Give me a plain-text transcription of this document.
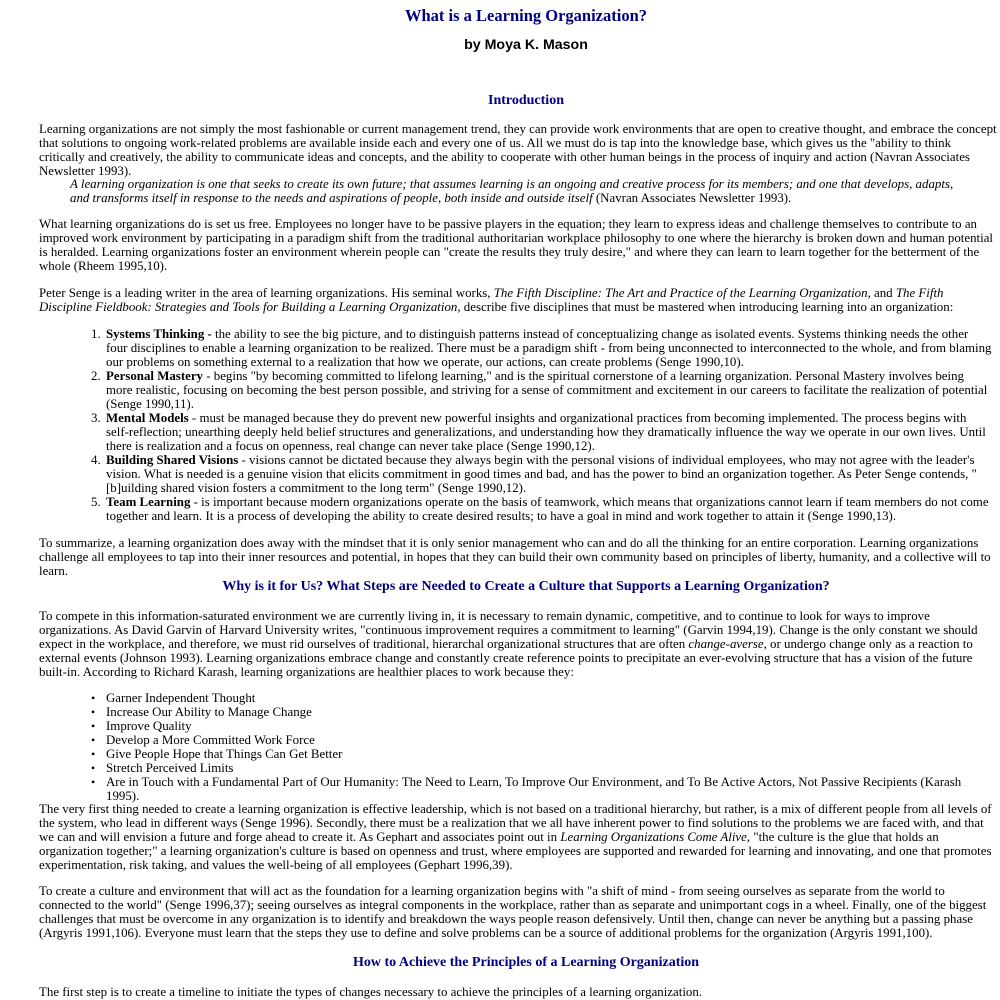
What is a Learning Organization?
by Moya K. Mason
Introduction

Learning organizations are not simply the most fashionable or current management trend, they can provide work environments that are open to creative thought, and embrace the concept that solutions to ongoing work-related problems are available inside each and every one of us. All we must do is tap into the knowledge base, which gives us the "ability to think critically and creatively, the ability to communicate ideas and concepts, and the ability to cooperate with other human beings in the process of inquiry and action (Navran Associates Newsletter 1993).

A learning organization is one that seeks to create its own future; that assumes learning is an ongoing and creative process for its members; and one that develops, adapts, and transforms itself in response to the needs and aspirations of people, both inside and outside itself (Navran Associates Newsletter 1993).

What learning organizations do is set us free. Employees no longer have to be passive players in the equation; they learn to express ideas and challenge themselves to contribute to an improved work environment by participating in a paradigm shift from the traditional authoritarian workplace philosophy to one where the hierarchy is broken down and human potential is heralded. Learning organizations foster an environment wherein people can "create the results they truly desire," and where they can learn to learn together for the betterment of the whole (Rheem 1995,10).

Peter Senge is a leading writer in the area of learning organizations. His seminal works, The Fifth Discipline: The Art and Practice of the Learning Organization, and The Fifth Discipline Fieldbook: Strategies and Tools for Building a Learning Organization, describe five disciplines that must be mastered when introducing learning into an organization:

1. Systems Thinking - the ability to see the big picture, and to distinguish patterns instead of conceptualizing change as isolated events. Systems thinking needs the other four disciplines to enable a learning organization to be realized. There must be a paradigm shift - from being unconnected to interconnected to the whole, and from blaming our problems on something external to a realization that how we operate, our actions, can create problems (Senge 1990,10).
2. Personal Mastery - begins "by becoming committed to lifelong learning," and is the spiritual cornerstone of a learning organization. Personal Mastery involves being more realistic, focusing on becoming the best person possible, and striving for a sense of commitment and excitement in our careers to facilitate the realization of potential (Senge 1990,11).
3. Mental Models - must be managed because they do prevent new powerful insights and organizational practices from becoming implemented. The process begins with self-reflection; unearthing deeply held belief structures and generalizations, and understanding how they dramatically influence the way we operate in our own lives. Until there is realization and a focus on openness, real change can never take place (Senge 1990,12).
4. Building Shared Visions - visions cannot be dictated because they always begin with the personal visions of individual employees, who may not agree with the leader's vision. What is needed is a genuine vision that elicits commitment in good times and bad, and has the power to bind an organization together. As Peter Senge contends, "[b]uilding shared vision fosters a commitment to the long term" (Senge 1990,12).
5. Team Learning - is important because modern organizations operate on the basis of teamwork, which means that organizations cannot learn if team members do not come together and learn. It is a process of developing the ability to create desired results; to have a goal in mind and work together to attain it (Senge 1990,13).

To summarize, a learning organization does away with the mindset that it is only senior management who can and do all the thinking for an entire corporation. Learning organizations challenge all employees to tap into their inner resources and potential, in hopes that they can build their own community based on principles of liberty, humanity, and a collective will to learn.

Why is it for Us? What Steps are Needed to Create a Culture that Supports a Learning Organization?

To compete in this information-saturated environment we are currently living in, it is necessary to remain dynamic, competitive, and to continue to look for ways to improve organizations. As David Garvin of Harvard University writes, "continuous improvement requires a commitment to learning" (Garvin 1994,19). Change is the only constant we should expect in the workplace, and therefore, we must rid ourselves of traditional, hierarchal organizational structures that are often change-averse, or undergo change only as a reaction to external events (Johnson 1993). Learning organizations embrace change and constantly create reference points to precipitate an ever-evolving structure that has a vision of the future built-in. According to Richard Karash, learning organizations are healthier places to work because they:

• Garner Independent Thought
• Increase Our Ability to Manage Change
• Improve Quality
• Develop a More Committed Work Force
• Give People Hope that Things Can Get Better
• Stretch Perceived Limits
• Are in Touch with a Fundamental Part of Our Humanity: The Need to Learn, To Improve Our Environment, and To Be Active Actors, Not Passive Recipients (Karash 1995).

The very first thing needed to create a learning organization is effective leadership, which is not based on a traditional hierarchy, but rather, is a mix of different people from all levels of the system, who lead in different ways (Senge 1996). Secondly, there must be a realization that we all have inherent power to find solutions to the problems we are faced with, and that we can and will envision a future and forge ahead to create it. As Gephart and associates point out in Learning Organizations Come Alive, "the culture is the glue that holds an organization together;" a learning organization's culture is based on openness and trust, where employees are supported and rewarded for learning and innovating, and one that promotes experimentation, risk taking, and values the well-being of all employees (Gephart 1996,39).

To create a culture and environment that will act as the foundation for a learning organization begins with "a shift of mind - from seeing ourselves as separate from the world to connected to the world" (Senge 1996,37); seeing ourselves as integral components in the workplace, rather than as separate and unimportant cogs in a wheel. Finally, one of the biggest challenges that must be overcome in any organization is to identify and breakdown the ways people reason defensively. Until then, change can never be anything but a passing phase (Argyris 1991,106). Everyone must learn that the steps they use to define and solve problems can be a source of additional problems for the organization (Argyris 1991,100).

How to Achieve the Principles of a Learning Organization

The first step is to create a timeline to initiate the types of changes necessary to achieve the principles of a learning organization.
